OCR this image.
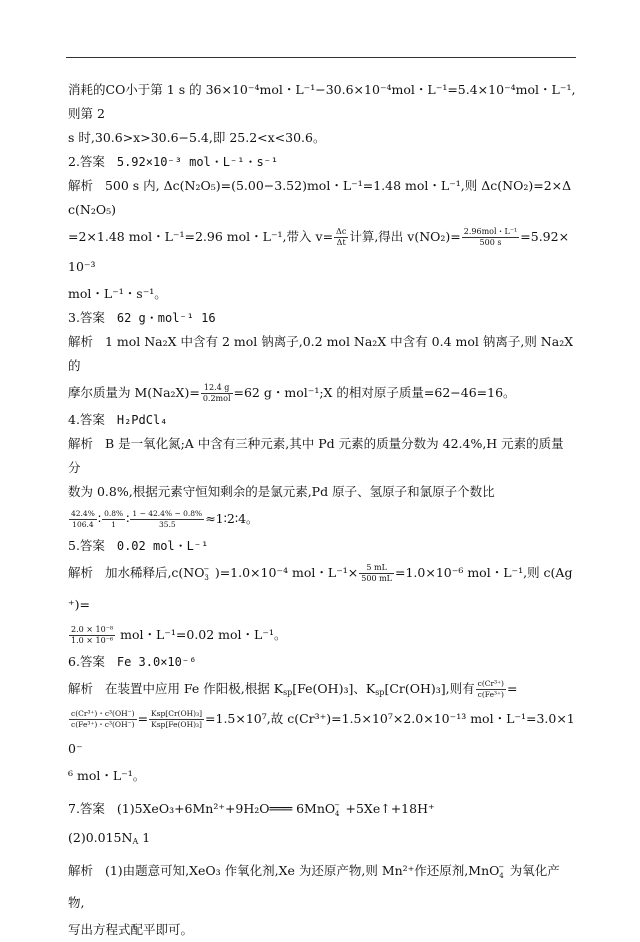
消耗的CO小于第 1 s 的 36×10⁻⁴mol・L⁻¹−30.6×10⁻⁴mol・L⁻¹=5.4×10⁻⁴mol・L⁻¹,则第 2

s 时,30.6>x>30.6−5.4,即 25.2<x<30.6。

2.答案 5.92×10⁻³ mol・L⁻¹・s⁻¹

解析 500 s 内, Δc(N₂O₅)=(5.00−3.52)mol・L⁻¹=1.48 mol・L⁻¹,则 Δc(NO₂)=2×Δc(N₂O₅)

=2×1.48 mol・L⁻¹=2.96 mol・L⁻¹,带入 $v= \frac{\Delta c}{\Delta t}$ 计算,得出 $v(NO_2)= \frac{\text{2.96mol・L⁻¹}}{500 s} =5.92\times 10^{-3}$

mol・L⁻¹・s⁻¹。

3.答案 62 g・mol⁻¹ 16

解析 1 mol Na₂X 中含有 2 mol 钠离子,0.2 mol Na₂X 中含有 0.4 mol 钠离子,则 Na₂X 的

摩尔质量为 $M(Na_2X)= \frac{12.4 g}{\text{0.2mol}} =62$ g・mol⁻¹;X 的相对原子质量=62−46=16。

4.答案 H₂PdCl₄

解析 B 是一氧化氮;A 中含有三种元素,其中 Pd 元素的质量分数为 42.4%,H 元素的质量分

数为 0.8%,根据元素守恒知剩余的是氯元素,Pd 原子、氢原子和氯原子个数比

$\frac{42.4\%}{106.4}$ ∶ $\frac{0.8\%}{1}$ ∶ $\frac{1 - 42.4\% - 0.8\%}{35.5}$ ≈1∶2∶4。

5.答案 0.02 mol・L⁻¹

解析 加水稀释后$,c(NO^-_3$ )=1.0×10⁻⁴ mol・$L^{-1}\times \frac{5 mL}{500 mL} =1.0\times 10^{-6}$ mol・L⁻¹,则 c(Ag⁺)=

$\frac{\text{2.0 × 10⁻⁸}}{\text{1.0 × 10⁻⁶}}$ mol・L⁻¹=0.02 mol・L⁻¹。

6.答案 Fe 3.0×10⁻⁶

解析 在装置中应用 Fe 作阳极,根据 $K_{sp}[Fe(OH)_3]$、$K_{sp}[Cr(OH)_3]$,则有 $\frac{\text{c(Cr³⁺)}}{\text{c(Fe³⁺)}}$ =

$\frac{\text{c(Cr³⁺)・c³(OH⁻)}}{\text{c(Fe³⁺)・c³(OH⁻)}} = \frac{\text{Ksp[Cr(OH)₃]}}{\text{Ksp[Fe(OH)₃]}} =1.5\times 10^7$,故 c(Cr³⁺)=1.5×10⁷×2.0×10⁻¹³ mol・L⁻¹=3.0×10⁻

⁶ mol・L⁻¹。

7.答案 (1)5XeO₃+6Mn²⁺+9H₂O═══ 6MnO−$_4$ +5Xe↑+18H⁺

$(2)0.015N_A$ 1

解析 (1)由题意可知,XeO₃ 作氧化剂,Xe 为还原产物,则 Mn²⁺作还原剂,MnO−$_4$ 为氧化产物,

写出方程式配平即可。
